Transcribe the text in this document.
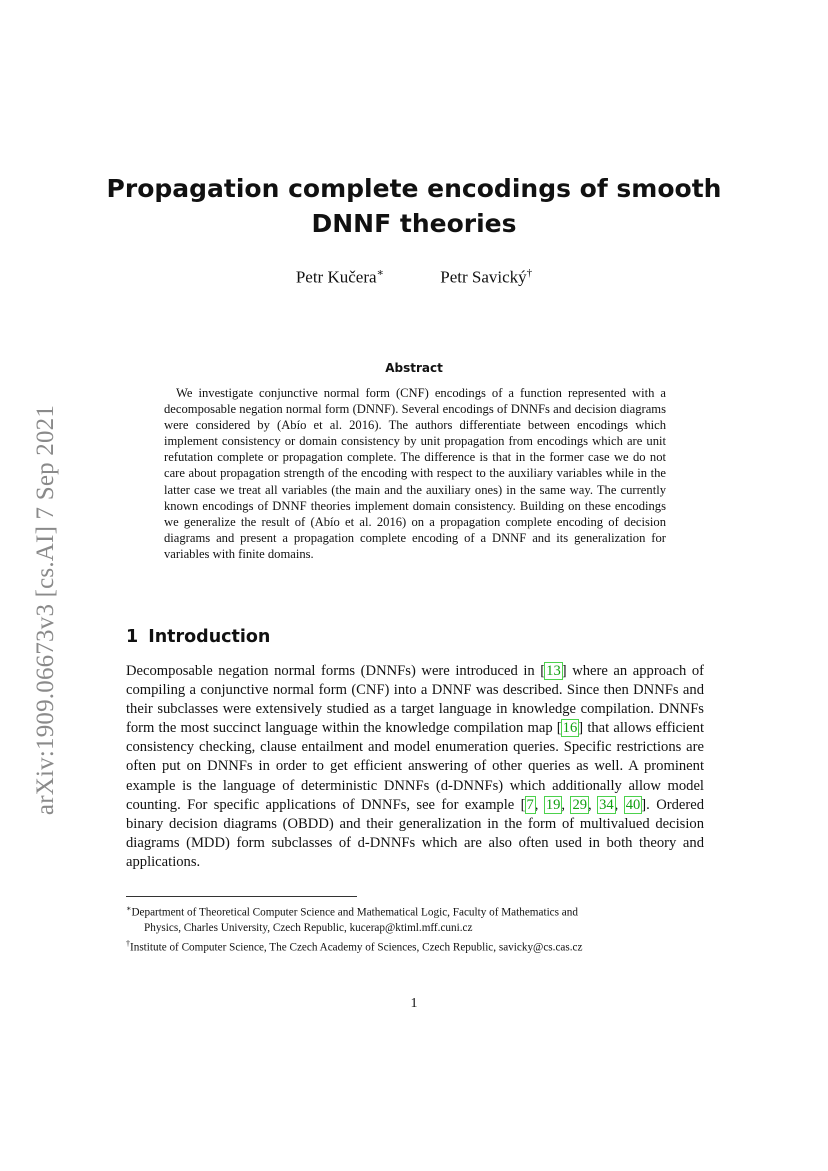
arXiv:1909.06673v3 [cs.AI] 7 Sep 2021
Propagation complete encodings of smooth
DNNF theories
Petr Kučera∗	Petr Savický†
Abstract

We investigate conjunctive normal form (CNF) encodings of a function represented with a decomposable negation normal form (DNNF). Several encodings of DNNFs and decision diagrams were considered by (Abío et al. 2016). The authors differentiate between encodings which implement consistency or domain consistency by unit propagation from encodings which are unit refutation complete or propagation complete. The difference is that in the former case we do not care about propagation strength of the encoding with respect to the auxiliary variables while in the latter case we treat all variables (the main and the auxiliary ones) in the same way. The currently known encodings of DNNF theories implement domain consistency. Building on these encodings we generalize the result of (Abío et al. 2016) on a propagation complete encoding of decision diagrams and present a propagation complete encoding of a DNNF and its generalization for variables with finite domains.

1 Introduction

Decomposable negation normal forms (DNNFs) were introduced in [13] where an approach of compiling a conjunctive normal form (CNF) into a DNNF was described. Since then DNNFs and their subclasses were extensively studied as a target language in knowledge compilation. DNNFs form the most succinct language within the knowledge compilation map [16] that allows efficient consistency checking, clause entailment and model enumeration queries. Specific restrictions are often put on DNNFs in order to get efficient answering of other queries as well. A prominent example is the language of deterministic DNNFs (d-DNNFs) which additionally allow model counting. For specific applications of DNNFs, see for example [7, 19, 29, 34, 40]. Ordered binary decision diagrams (OBDD) and their generalization in the form of multivalued decision diagrams (MDD) form subclasses of d-DNNFs which are also often used in both theory and applications.

∗Department of Theoretical Computer Science and Mathematical Logic, Faculty of Mathematics and
Physics, Charles University, Czech Republic, kucerap@ktiml.mff.cuni.cz
†Institute of Computer Science, The Czech Academy of Sciences, Czech Republic, savicky@cs.cas.cz
1
